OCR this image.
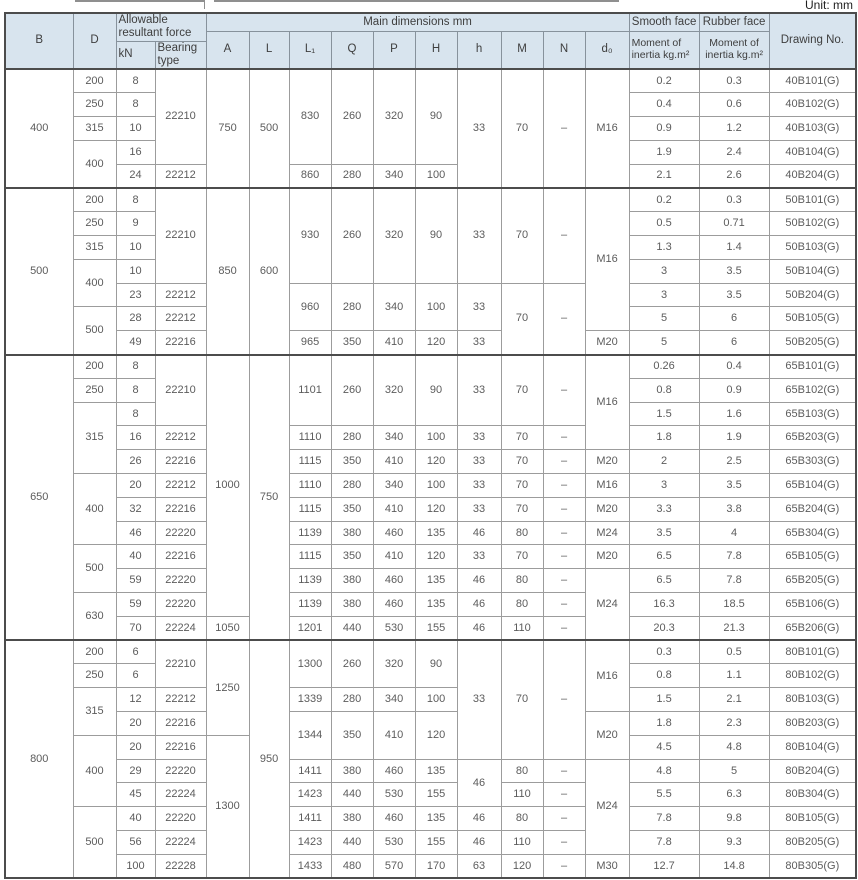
Unit: mm
B	D	Allowable resultant force		Main dimensions mm										Smooth face	Rubber face	Drawing No.
				A	L	L₁	Q	P	H	h	M	N	d₀	Moment of inertia kg.m²	Moment of inertia kg.m²	
		kN	Bearing type													
400	200	8	22210	750	500	830	260	320	90	33	70	–	M16	0.2	0.3	40B101(G)
	250	8												0.4	0.6	40B102(G)
	315	10												0.9	1.2	40B103(G)
	400	16												1.9	2.4	40B104(G)
		24	22212			860	280	340	100					2.1	2.6	40B204(G)
500	200	8	22210	850	600	930	260	320	90	33	70	–	M16	0.2	0.3	50B101(G)
	250	9												0.5	0.71	50B102(G)
	315	10												1.3	1.4	50B103(G)
	400	10												3	3.5	50B104(G)
		23	22212			960	280	340	100	33	70	–		3	3.5	50B204(G)
	500	28	22212											5	6	50B105(G)
		49	22216			965	350	410	120	33			M20	5	6	50B205(G)
650	200	8	22210	1000	750	1101	260	320	90	33	70	–	M16	0.26	0.4	65B101(G)
	250	8												0.8	0.9	65B102(G)
	315	8												1.5	1.6	65B103(G)
		16	22212			1110	280	340	100	33	70	–		1.8	1.9	65B203(G)
		26	22216			1115	350	410	120	33	70	–	M20	2	2.5	65B303(G)
	400	20	22212			1110	280	340	100	33	70	–	M16	3	3.5	65B104(G)
		32	22216			1115	350	410	120	33	70	–	M20	3.3	3.8	65B204(G)
		46	22220			1139	380	460	135	46	80	–	M24	3.5	4	65B304(G)
	500	40	22216			1115	350	410	120	33	70	–	M20	6.5	7.8	65B105(G)
		59	22220			1139	380	460	135	46	80	–	M24	6.5	7.8	65B205(G)
	630	59	22220			1139	380	460	135	46	80	–		16.3	18.5	65B106(G)
		70	22224	1050		1201	440	530	155	46	110	–		20.3	21.3	65B206(G)
800	200	6	22210	1250	950	1300	260	320	90	33	70	–	M16	0.3	0.5	80B101(G)
	250	6												0.8	1.1	80B102(G)
	315	12	22212			1339	280	340	100					1.5	2.1	80B103(G)
		20	22216			1344	350	410	120				M20	1.8	2.3	80B203(G)
	400	20	22216	1300										4.5	4.8	80B104(G)
		29	22220			1411	380	460	135	46	80	–	M24	4.8	5	80B204(G)
		45	22224			1423	440	530	155		110	–		5.5	6.3	80B304(G)
	500	40	22220			1411	380	460	135	46	80	–		7.8	9.8	80B105(G)
		56	22224			1423	440	530	155	46	110	–		7.8	9.3	80B205(G)
		100	22228			1433	480	570	170	63	120	–	M30	12.7	14.8	80B305(G)
